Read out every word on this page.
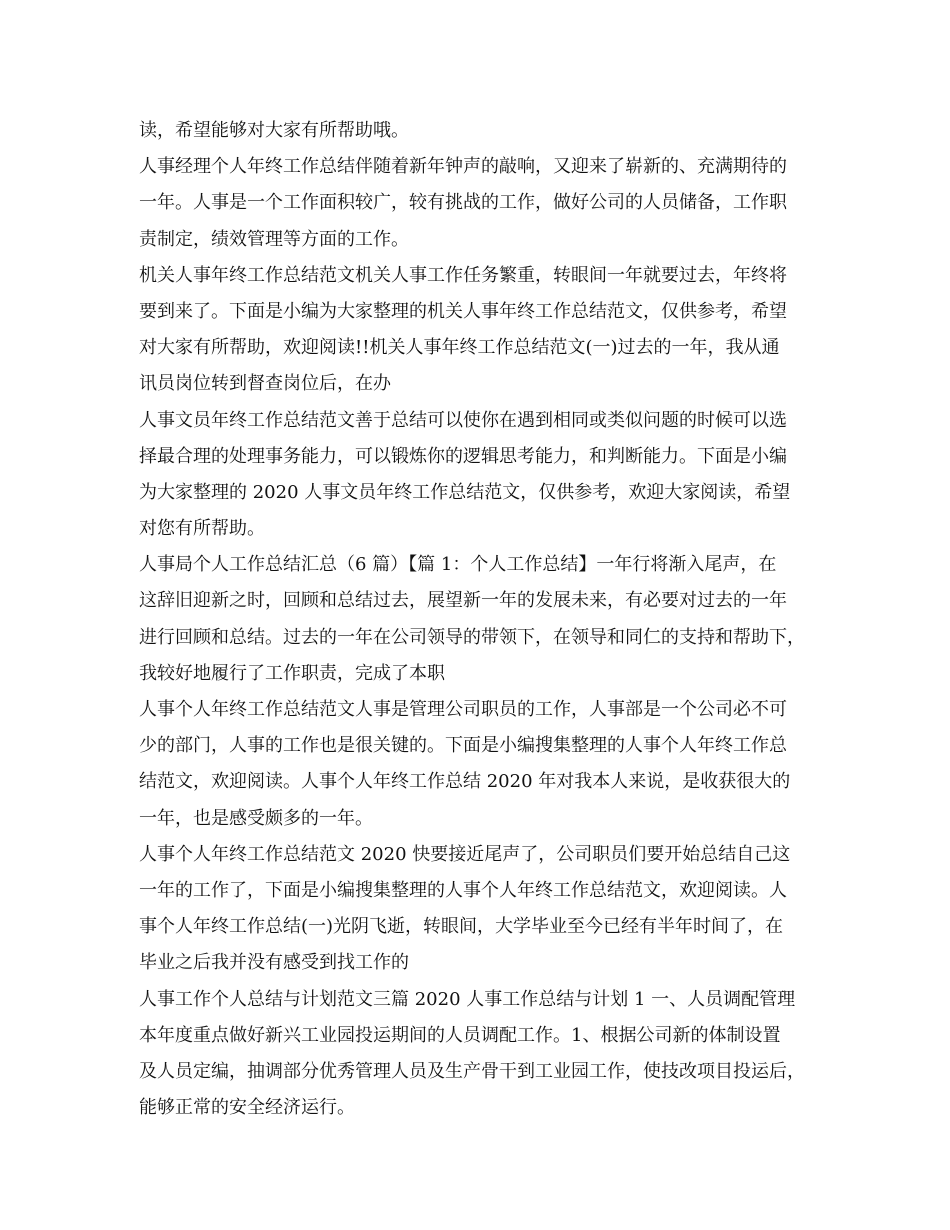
读，希望能够对大家有所帮助哦。
人事经理个人年终工作总结伴随着新年钟声的敲响，又迎来了崭新的、充满期待的
一年。人事是一个工作面积较广，较有挑战的工作，做好公司的人员储备，工作职
责制定，绩效管理等方面的工作。
机关人事年终工作总结范文机关人事工作任务繁重，转眼间一年就要过去，年终将
要到来了。下面是小编为大家整理的机关人事年终工作总结范文，仅供参考，希望
对大家有所帮助，欢迎阅读!!机关人事年终工作总结范文(一)过去的一年，我从通
讯员岗位转到督查岗位后，在办
人事文员年终工作总结范文善于总结可以使你在遇到相同或类似问题的时候可以选
择最合理的处理事务能力，可以锻炼你的逻辑思考能力，和判断能力。下面是小编
为大家整理的 2020 人事文员年终工作总结范文，仅供参考，欢迎大家阅读，希望
对您有所帮助。
人事局个人工作总结汇总（6 篇）【篇 1：个人工作总结】一年行将渐入尾声，在
这辞旧迎新之时，回顾和总结过去，展望新一年的发展未来，有必要对过去的一年
进行回顾和总结。过去的一年在公司领导的带领下，在领导和同仁的支持和帮助下，
我较好地履行了工作职责，完成了本职
人事个人年终工作总结范文人事是管理公司职员的工作，人事部是一个公司必不可
少的部门，人事的工作也是很关键的。下面是小编搜集整理的人事个人年终工作总
结范文，欢迎阅读。人事个人年终工作总结 2020 年对我本人来说，是收获很大的
一年，也是感受颇多的一年。
人事个人年终工作总结范文 2020 快要接近尾声了，公司职员们要开始总结自己这
一年的工作了，下面是小编搜集整理的人事个人年终工作总结范文，欢迎阅读。人
事个人年终工作总结(一)光阴飞逝，转眼间，大学毕业至今已经有半年时间了，在
毕业之后我并没有感受到找工作的
人事工作个人总结与计划范文三篇 2020 人事工作总结与计划 1 一、人员调配管理
本年度重点做好新兴工业园投运期间的人员调配工作。1、根据公司新的体制设置
及人员定编，抽调部分优秀管理人员及生产骨干到工业园工作，使技改项目投运后，
能够正常的安全经济运行。
